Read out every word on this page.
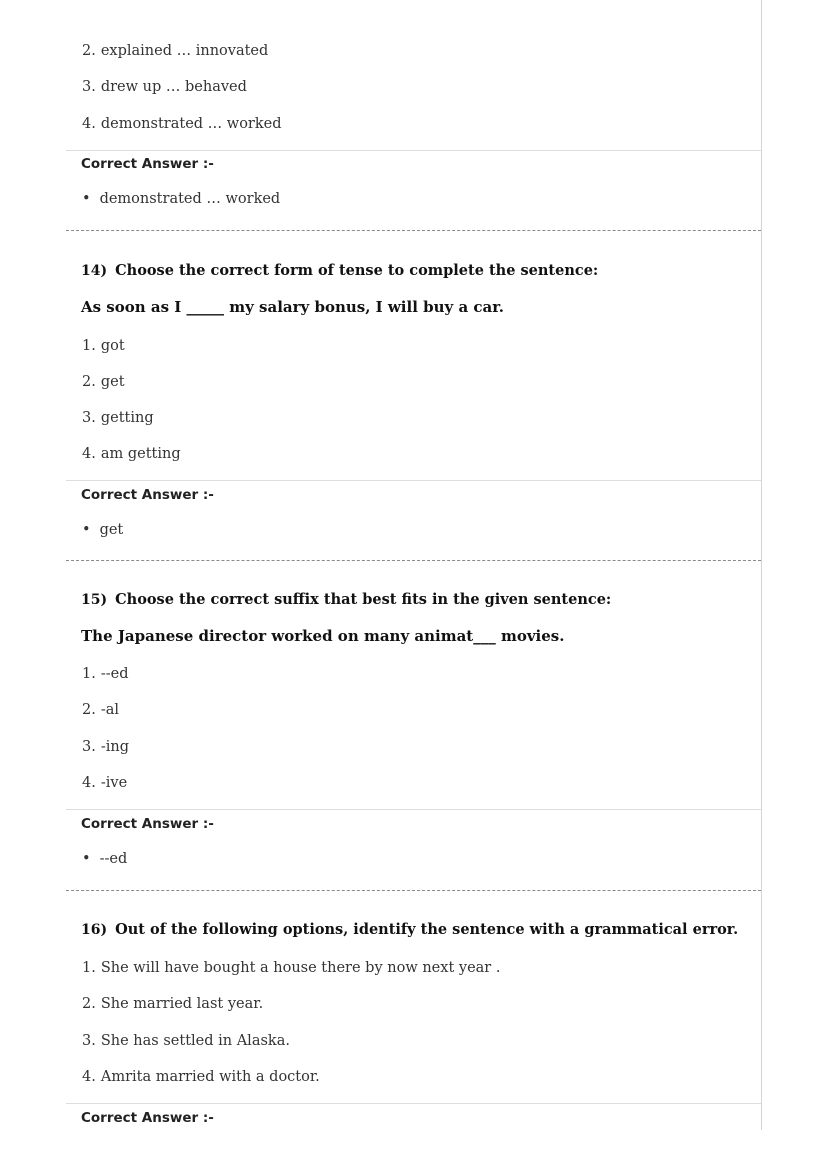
2. explained … innovated
3. drew up … behaved
4. demonstrated … worked
Correct Answer :-
• demonstrated … worked
14) Choose the correct form of tense to complete the sentence:
As soon as I _____ my salary bonus, I will buy a car.
1. got
2. get
3. getting
4. am getting
Correct Answer :-
• get
15) Choose the correct suffix that best fits in the given sentence:
The Japanese director worked on many animat___ movies.
1. --ed
2. -al
3. -ing
4. -ive
Correct Answer :-
• --ed
16) Out of the following options, identify the sentence with a grammatical error.
1. She will have bought a house there by now next year .
2. She married last year.
3. She has settled in Alaska.
4. Amrita married with a doctor.
Correct Answer :-
